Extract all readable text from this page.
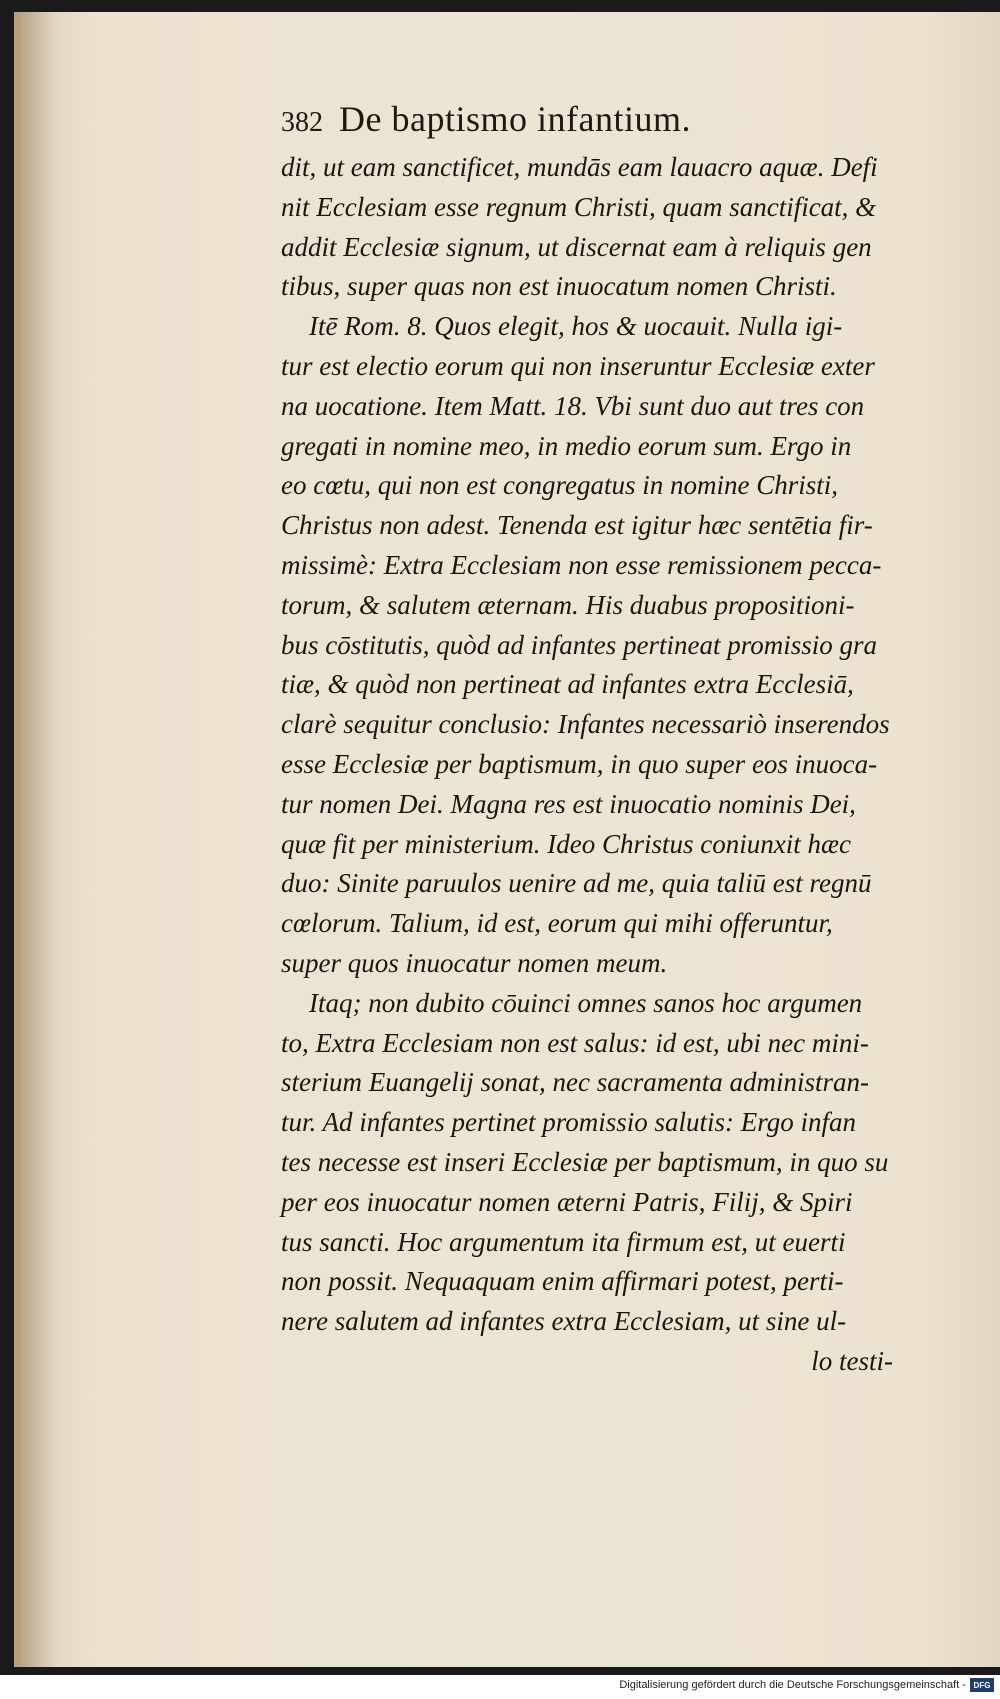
382 De baptismo infantium.
dit, ut eam sanctificet, mundās eam lauacro aquæ. Defi
nit Ecclesiam esse regnum Christi, quam sanctificat, &
addit Ecclesiæ signum, ut discernat eam à reliquis gen
tibus, super quas non est inuocatum nomen Christi.
Itē Rom. 8. Quos elegit, hos & uocauit. Nulla igi-
tur est electio eorum qui non inseruntur Ecclesiæ exter
na uocatione. Item Matt. 18. Vbi sunt duo aut tres con
gregati in nomine meo, in medio eorum sum. Ergo in
eo cœtu, qui non est congregatus in nomine Christi,
Christus non adest. Tenenda est igitur hæc sentētia fir-
missimè: Extra Ecclesiam non esse remissionem pecca-
torum, & salutem æternam. His duabus propositioni-
bus cōstitutis, quòd ad infantes pertineat promissio gra
tiæ, & quòd non pertineat ad infantes extra Ecclesiā,
clarè sequitur conclusio: Infantes necessariò inserendos
esse Ecclesiæ per baptismum, in quo super eos inuoca-
tur nomen Dei. Magna res est inuocatio nominis Dei,
quæ fit per ministerium. Ideo Christus coniunxit hæc
duo: Sinite paruulos uenire ad me, quia taliū est regnū
cœlorum. Talium, id est, eorum qui mihi offeruntur,
super quos inuocatur nomen meum.
Itaq; non dubito cōuinci omnes sanos hoc argumen
to, Extra Ecclesiam non est salus: id est, ubi nec mini-
sterium Euangelij sonat, nec sacramenta administran-
tur. Ad infantes pertinet promissio salutis: Ergo infan
tes necesse est inseri Ecclesiæ per baptismum, in quo su
per eos inuocatur nomen æterni Patris, Filij, & Spiri
tus sancti. Hoc argumentum ita firmum est, ut euerti
non possit. Nequaquam enim affirmari potest, perti-
nere salutem ad infantes extra Ecclesiam, ut sine ul-
lo testi-
Digitalisierung gefördert durch die Deutsche Forschungsgemeinschaft - DFG
